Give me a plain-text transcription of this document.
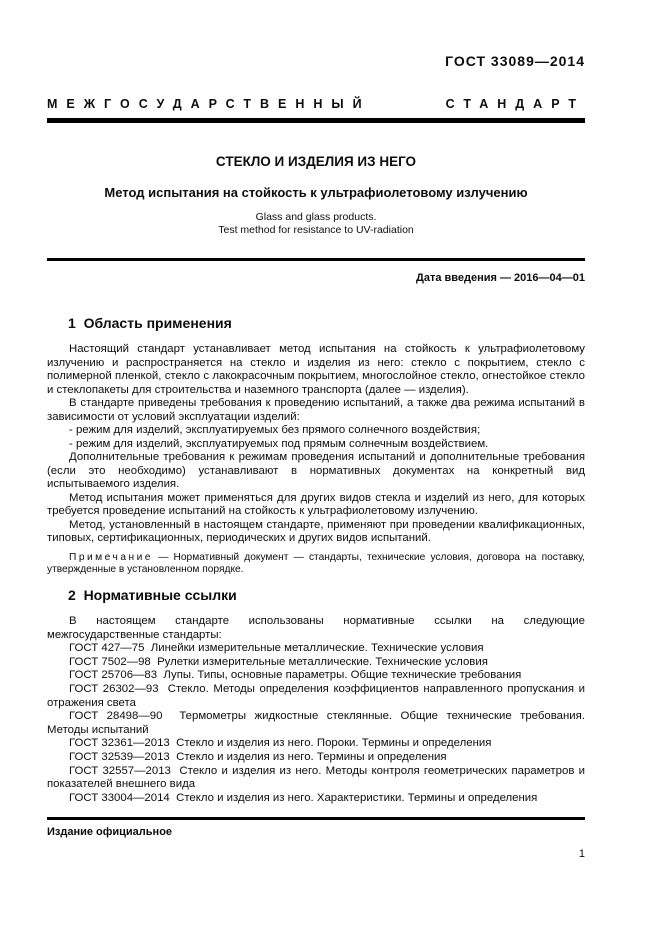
ГОСТ 33089—2014
МЕЖГОСУДАРСТВЕННЫЙ	СТАНДАРТ
СТЕКЛО И ИЗДЕЛИЯ ИЗ НЕГО
Метод испытания на стойкость к ультрафиолетовому излучению
Glass and glass products.
Test method for resistance to UV-radiation
Дата введения — 2016—04—01
1  Область применения

Настоящий стандарт устанавливает метод испытания на стойкость к ультрафиолетовому излучению и распространяется на стекло и изделия из него: стекло с покрытием, стекло с полимерной пленкой, стекло с лакокрасочным покрытием, многослойное стекло, огнестойкое стекло и стеклопакеты для строительства и наземного транспорта (далее — изделия).

В стандарте приведены требования к проведению испытаний, а также два режима испытаний в зависимости от условий эксплуатации изделий:

- режим для изделий, эксплуатируемых без прямого солнечного воздействия;

- режим для изделий, эксплуатируемых под прямым солнечным воздействием.

Дополнительные требования к режимам проведения испытаний и дополнительные требования (если это необходимо) устанавливают в нормативных документах на конкретный вид испытываемого изделия.

Метод испытания может применяться для других видов стекла и изделий из него, для которых требуется проведение испытаний на стойкость к ультрафиолетовому излучению.

Метод, установленный в настоящем стандарте, применяют при проведении квалификационных, типовых, сертификационных, периодических и других видов испытаний.

Примечание — Нормативный документ — стандарты, технические условия, договора на поставку, утвержденные в установленном порядке.

2  Нормативные ссылки

В настоящем стандарте использованы нормативные ссылки на следующие межгосударственные стандарты:

ГОСТ 427—75  Линейки измерительные металлические. Технические условия

ГОСТ 7502—98  Рулетки измерительные металлические. Технические условия

ГОСТ 25706—83  Лупы. Типы, основные параметры. Общие технические требования

ГОСТ 26302—93  Стекло. Методы определения коэффициентов направленного пропускания и отражения света

ГОСТ 28498—90  Термометры жидкостные стеклянные. Общие технические требования. Методы испытаний

ГОСТ 32361—2013  Стекло и изделия из него. Пороки. Термины и определения

ГОСТ 32539—2013  Стекло и изделия из него. Термины и определения

ГОСТ 32557—2013  Стекло и изделия из него. Методы контроля геометрических параметров и показателей внешнего вида

ГОСТ 33004—2014  Стекло и изделия из него. Характеристики. Термины и определения

Издание официальное
1
